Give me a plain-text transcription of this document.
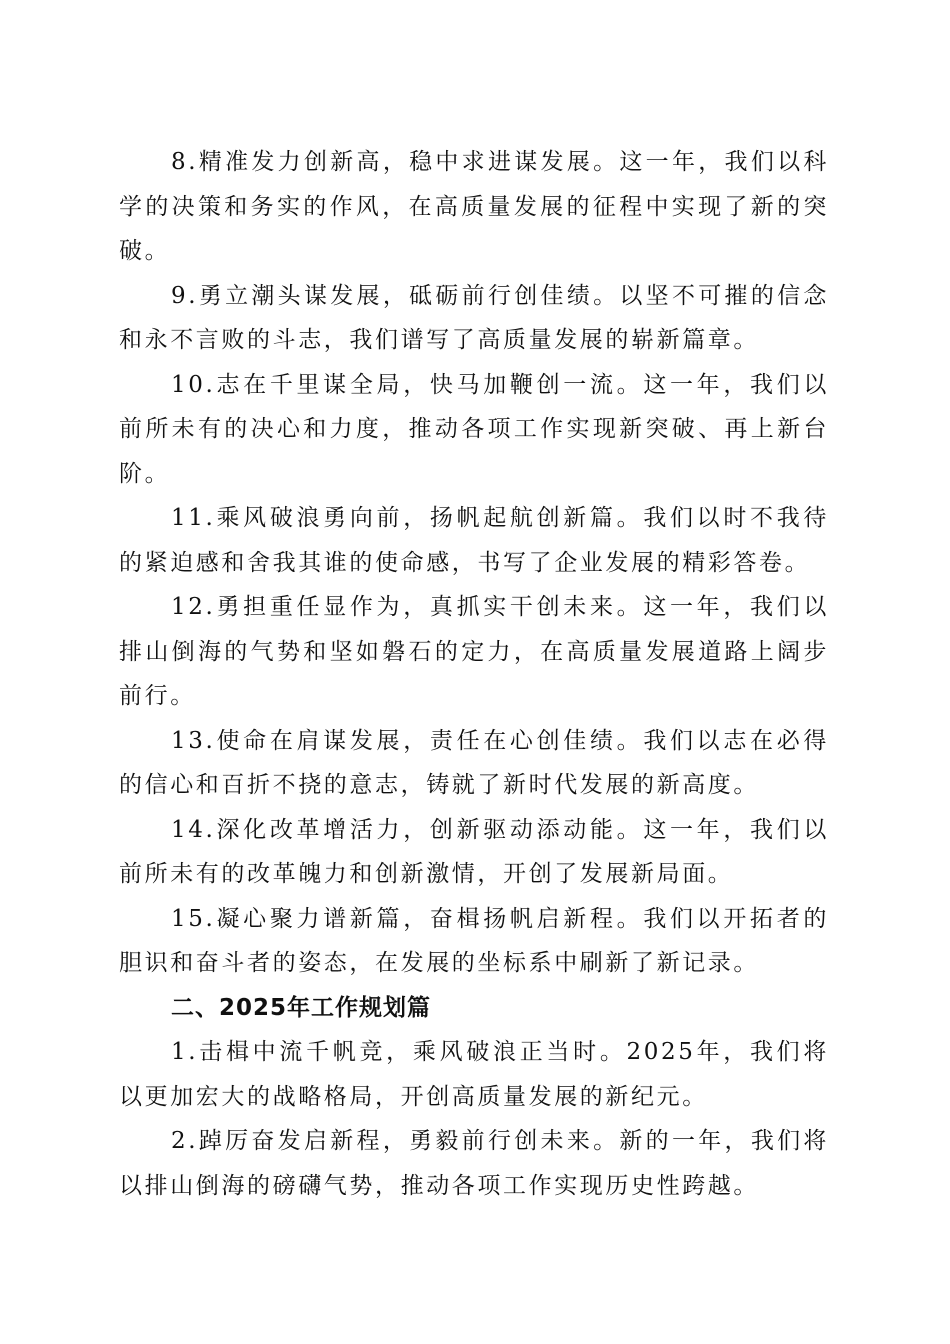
8.精准发力创新高，稳中求进谋发展。这一年，我们以科学的决策和务实的作风，在高质量发展的征程中实现了新的突破。

9.勇立潮头谋发展，砥砺前行创佳绩。以坚不可摧的信念和永不言败的斗志，我们谱写了高质量发展的崭新篇章。

10.志在千里谋全局，快马加鞭创一流。这一年，我们以前所未有的决心和力度，推动各项工作实现新突破、再上新台阶。

11.乘风破浪勇向前，扬帆起航创新篇。我们以时不我待的紧迫感和舍我其谁的使命感，书写了企业发展的精彩答卷。

12.勇担重任显作为，真抓实干创未来。这一年，我们以排山倒海的气势和坚如磐石的定力，在高质量发展道路上阔步前行。

13.使命在肩谋发展，责任在心创佳绩。我们以志在必得的信心和百折不挠的意志，铸就了新时代发展的新高度。

14.深化改革增活力，创新驱动添动能。这一年，我们以前所未有的改革魄力和创新激情，开创了发展新局面。

15.凝心聚力谱新篇，奋楫扬帆启新程。我们以开拓者的胆识和奋斗者的姿态，在发展的坐标系中刷新了新记录。

二、2025年工作规划篇

1.击楫中流千帆竞，乘风破浪正当时。2025年，我们将以更加宏大的战略格局，开创高质量发展的新纪元。

2.踔厉奋发启新程，勇毅前行创未来。新的一年，我们将以排山倒海的磅礴气势，推动各项工作实现历史性跨越。
